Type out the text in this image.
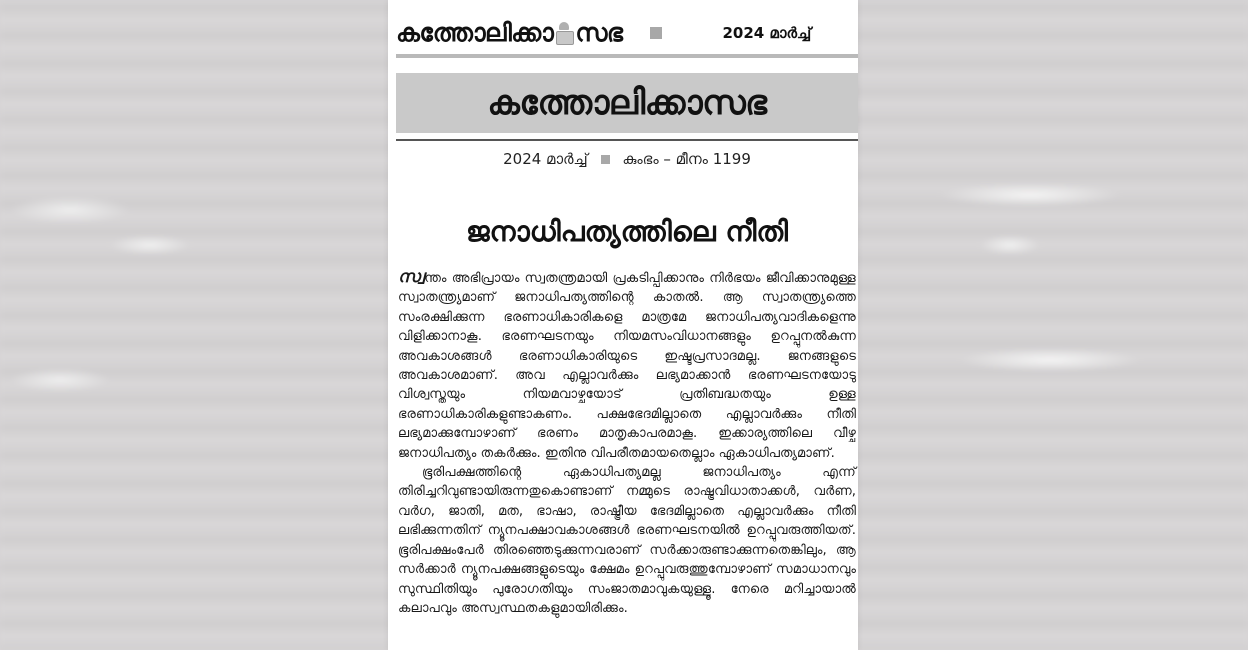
കത്തോലിക്കാ സഭ	2024 മാർച്ച്
കത്തോലിക്കാസഭ
2024 മാർച്ച് കുംഭം – മീനം 1199
ജനാധിപത്യത്തിലെ നീതി

സ്വന്തം അഭിപ്രായം സ്വതന്ത്രമായി പ്രകടിപ്പിക്കാനും നിർഭയം ജീവിക്കാനുമുള്ള സ്വാതന്ത്ര്യമാണ് ജനാധിപത്യത്തിന്റെ കാതൽ. ആ സ്വാതന്ത്ര്യത്തെ സംരക്ഷിക്കുന്ന ഭരണാധികാരികളെ മാത്രമേ ജനാധിപത്യവാദികളെന്നു വിളിക്കാനാകൂ. ഭരണഘടനയും നിയമസംവിധാനങ്ങളും ഉറപ്പുനൽകുന്ന അവകാശങ്ങൾ ഭരണാധികാരിയുടെ ഇഷ്ടപ്രസാദമല്ല. ജനങ്ങളുടെ അവകാശമാണ്. അവ എല്ലാവർക്കും ലഭ്യമാക്കാൻ ഭരണഘടനയോടു വിശ്വസ്തയും നിയമവാഴ്ചയോട് പ്രതിബദ്ധതയും ഉള്ള ഭരണാധികാരികളുണ്ടാകണം. പക്ഷഭേദമില്ലാതെ എല്ലാവർക്കും നീതി ലഭ്യമാക്കുമ്പോഴാണ് ഭരണം മാതൃകാപരമാകൂ. ഇക്കാര്യത്തിലെ വീഴ്ച ജനാധിപത്യം തകർക്കും. ഇതിനു വിപരീതമായതെല്ലാം ഏകാധിപത്യമാണ്.

ഭൂരിപക്ഷത്തിന്റെ ഏകാധിപത്യമല്ല ജനാധിപത്യം എന്ന് തിരിച്ചറിവുണ്ടായിരുന്നതുകൊണ്ടാണ് നമ്മുടെ രാഷ്ട്രവിധാതാക്കൾ, വർണ, വർഗ, ജാതി, മത, ഭാഷാ, രാഷ്ട്രീയ ഭേദമില്ലാതെ എല്ലാവർക്കും നീതി ലഭിക്കുന്നതിന് ന്യൂനപക്ഷാവകാശങ്ങൾ ഭരണഘടനയിൽ ഉറപ്പുവരുത്തിയത്. ഭൂരിപക്ഷംപേർ തിരഞ്ഞെടുക്കുന്നവരാണ് സർക്കാരുണ്ടാക്കുന്നതെങ്കിലും, ആ സർക്കാർ ന്യൂനപക്ഷങ്ങളുടെയും ക്ഷേമം ഉറപ്പുവരുത്തുമ്പോഴാണ് സമാധാനവും സുസ്ഥിതിയും പുരോഗതിയും സംജാതമാവുകയുള്ളൂ. നേരെ മറിച്ചായാൽ കലാപവും അസ്വസ്ഥതകളുമായിരിക്കും.
